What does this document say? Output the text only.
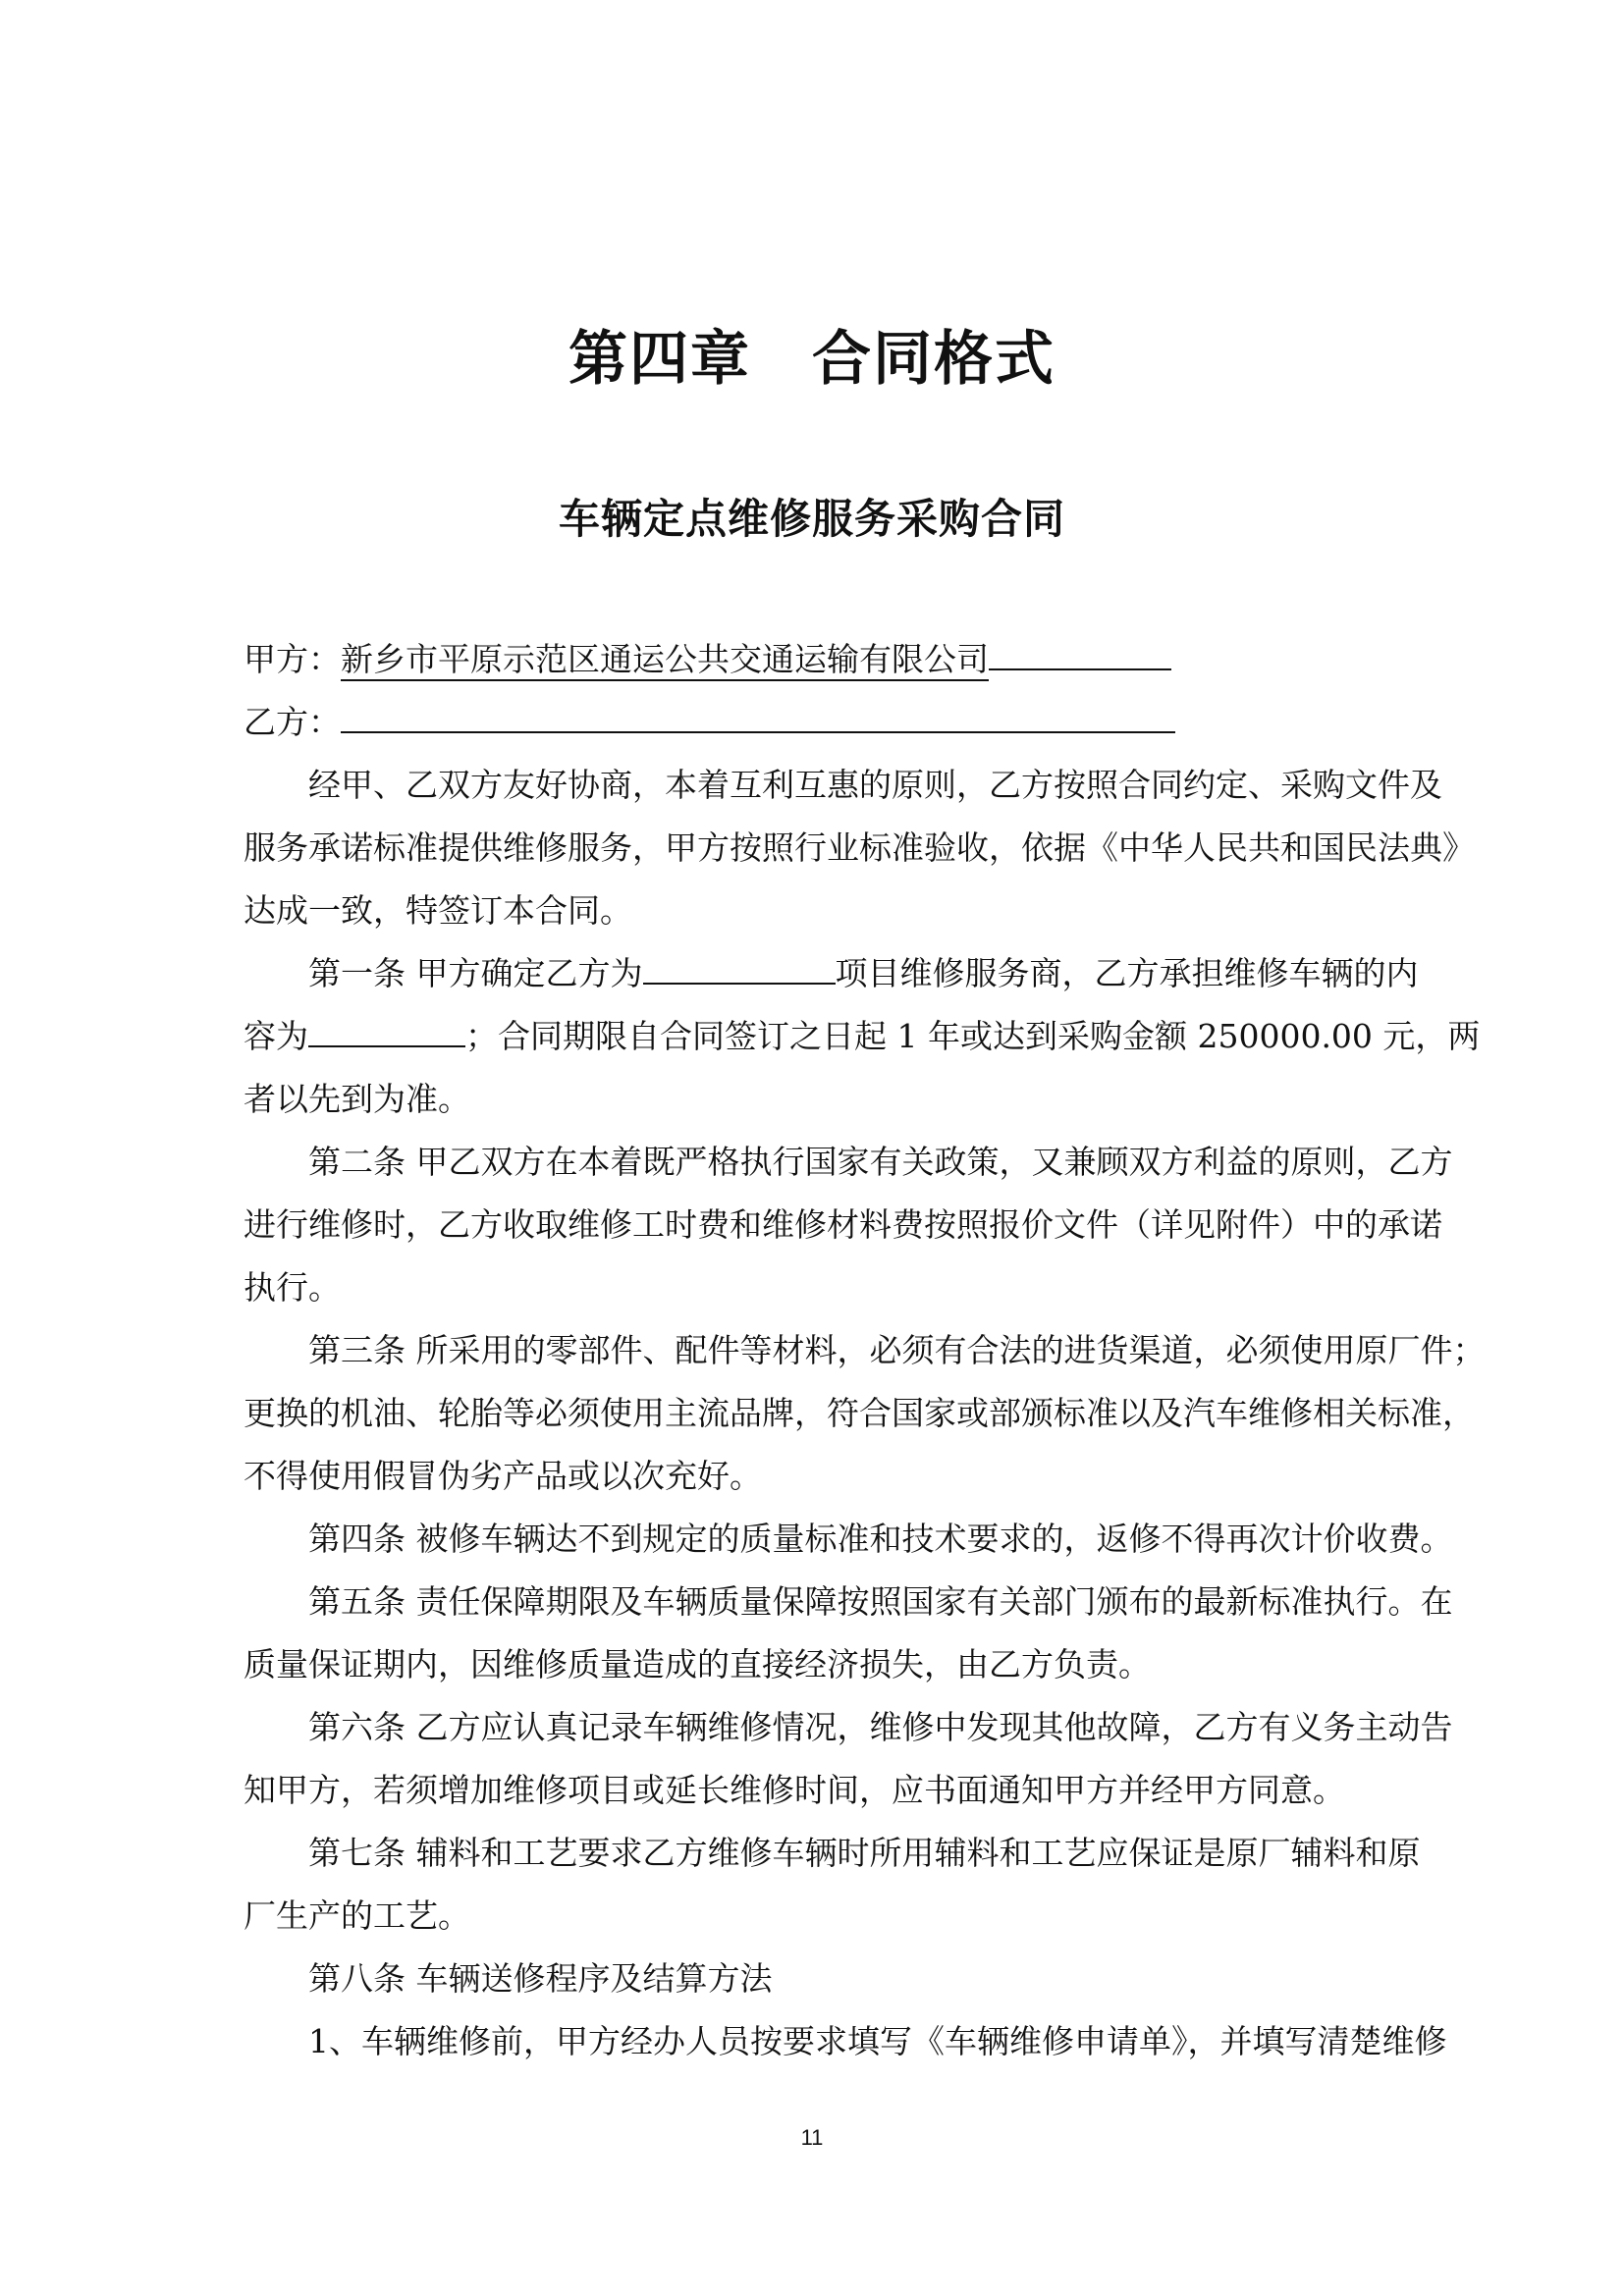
第四章　合同格式
车辆定点维修服务采购合同
甲方：新乡市平原示范区通运公共交通运输有限公司
乙方：
经甲、乙双方友好协商，本着互利互惠的原则，乙方按照合同约定、采购文件及
服务承诺标准提供维修服务，甲方按照行业标准验收，依据《中华人民共和国民法典》
达成一致，特签订本合同。
第一条 甲方确定乙方为	项目维修服务商，乙方承担维修车辆的内
容为	；合同期限自合同签订之日起 1 年或达到采购金额 250000.00 元，两
者以先到为准。
第二条 甲乙双方在本着既严格执行国家有关政策，又兼顾双方利益的原则，乙方
进行维修时，乙方收取维修工时费和维修材料费按照报价文件（详见附件）中的承诺
执行。
第三条 所采用的零部件、配件等材料，必须有合法的进货渠道，必须使用原厂件；
更换的机油、轮胎等必须使用主流品牌，符合国家或部颁标准以及汽车维修相关标准，
不得使用假冒伪劣产品或以次充好。
第四条 被修车辆达不到规定的质量标准和技术要求的，返修不得再次计价收费。
第五条 责任保障期限及车辆质量保障按照国家有关部门颁布的最新标准执行。在
质量保证期内，因维修质量造成的直接经济损失，由乙方负责。
第六条 乙方应认真记录车辆维修情况，维修中发现其他故障，乙方有义务主动告
知甲方，若须增加维修项目或延长维修时间，应书面通知甲方并经甲方同意。
第七条 辅料和工艺要求乙方维修车辆时所用辅料和工艺应保证是原厂辅料和原
厂生产的工艺。
第八条 车辆送修程序及结算方法
1、车辆维修前，甲方经办人员按要求填写《车辆维修申请单》，并填写清楚维修
11
